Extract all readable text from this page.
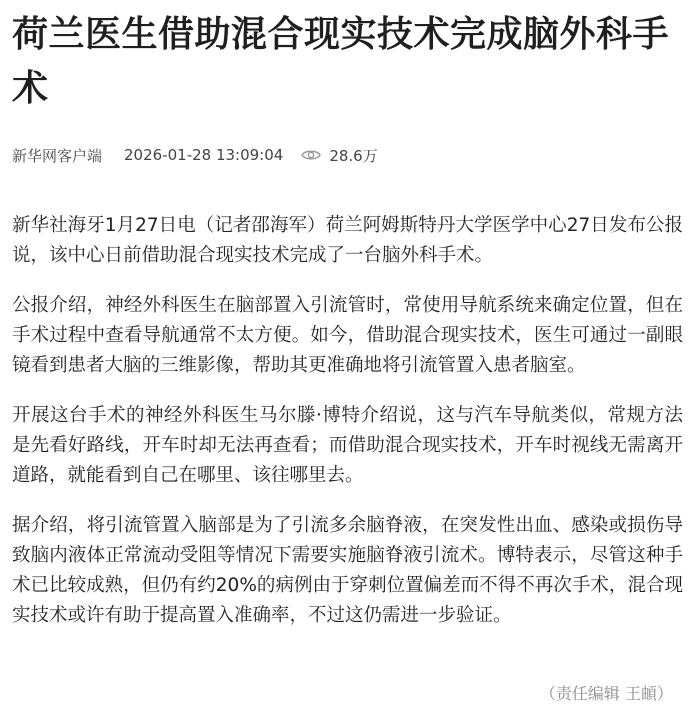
荷兰医生借助混合现实技术完成脑外科手术
新华网客户端 2026-01-28 13:09:04	28.6万

新华社海牙1月27日电（记者邵海军）荷兰阿姆斯特丹大学医学中心27日发布公报说，该中心日前借助混合现实技术完成了一台脑外科手术。

公报介绍，神经外科医生在脑部置入引流管时，常使用导航系统来确定位置，但在手术过程中查看导航通常不太方便。如今，借助混合现实技术，医生可通过一副眼镜看到患者大脑的三维影像，帮助其更准确地将引流管置入患者脑室。

开展这台手术的神经外科医生马尔滕·博特介绍说，这与汽车导航类似，常规方法是先看好路线，开车时却无法再查看；而借助混合现实技术，开车时视线无需离开道路，就能看到自己在哪里、该往哪里去。

据介绍，将引流管置入脑部是为了引流多余脑脊液，在突发性出血、感染或损伤导致脑内液体正常流动受阻等情况下需要实施脑脊液引流术。博特表示，尽管这种手术已比较成熟，但仍有约20%的病例由于穿刺位置偏差而不得不再次手术，混合现实技术或许有助于提高置入准确率，不过这仍需进一步验证。

（责任编辑 王頔）
